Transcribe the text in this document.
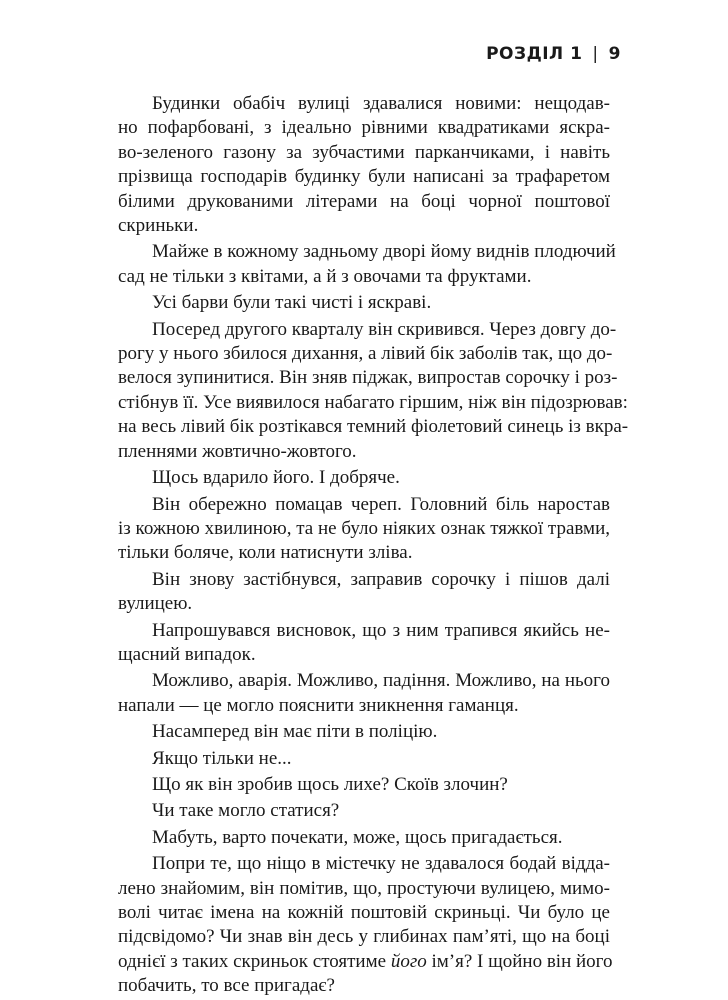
РОЗДІЛ 1 | 9
Будинки обабіч вулиці здавалися новими: нещодав-
но пофарбовані, з ідеально рівними квадратиками яскра-
во-зеленого газону за зубчастими парканчиками, і навіть
прізвища господарів будинку були написані за трафаретом
білими друкованими літерами на боці чорної поштової
скриньки.
Майже в кожному задньому дворі йому виднів плодючий
сад не тільки з квітами, а й з овочами та фруктами.
Усі барви були такі чисті і яскраві.
Посеред другого кварталу він скривився. Через довгу до-
рогу у нього збилося дихання, а лівий бік заболів так, що до-
велося зупинитися. Він зняв піджак, випростав сорочку і роз-
стібнув її. Усе виявилося набагато гіршим, ніж він підозрював:
на весь лівий бік розтікався темний фіолетовий синець із вкра-
пленнями жовтично-жовтого.
Щось вдарило його. І добряче.
Він обережно помацав череп. Головний біль наростав
із кожною хвилиною, та не було ніяких ознак тяжкої травми,
тільки боляче, коли натиснути зліва.
Він знову застібнувся, заправив сорочку і пішов далі
вулицею.
Напрошувався висновок, що з ним трапився якийсь не-
щасний випадок.
Можливо, аварія. Можливо, падіння. Можливо, на нього
напали — це могло пояснити зникнення гаманця.
Насамперед він має піти в поліцію.
Якщо тільки не...
Що як він зробив щось лихе? Скоїв злочин?
Чи таке могло статися?
Мабуть, варто почекати, може, щось пригадається.
Попри те, що ніщо в містечку не здавалося бодай відда-
лено знайомим, він помітив, що, простуючи вулицею, мимо-
волі читає імена на кожній поштовій скриньці. Чи було це
підсвідомо? Чи знав він десь у глибинах пам’яті, що на боці
однієї з таких скриньок стоятиме його ім’я? І щойно він його
побачить, то все пригадає?
